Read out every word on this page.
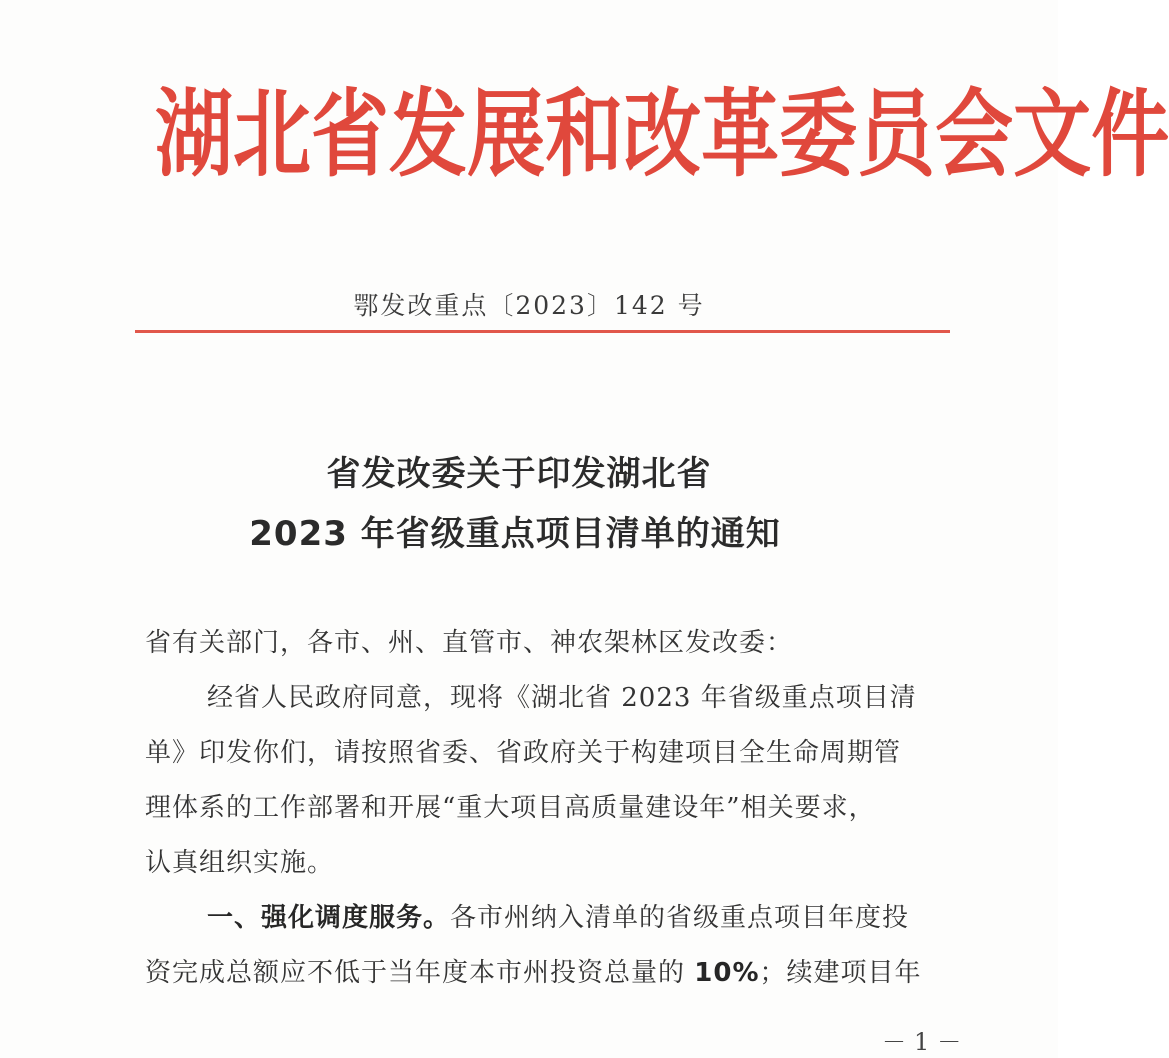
湖 北 省 发 展 和 改 革 委 员 会 文 件
鄂发改重点〔2023〕142 号
省发改委关于印发湖北省
2023 年省级重点项目清单的通知
省有关部门，各市、州、直管市、神农架林区发改委：
经省人民政府同意，现将《湖北省 2023 年省级重点项目清
单》印发你们，请按照省委、省政府关于构建项目全生命周期管
理体系的工作部署和开展“重大项目高质量建设年”相关要求，
认真组织实施。
一、强化调度服务。各市州纳入清单的省级重点项目年度投
资完成总额应不低于当年度本市州投资总量的 10%；续建项目年
－1－
